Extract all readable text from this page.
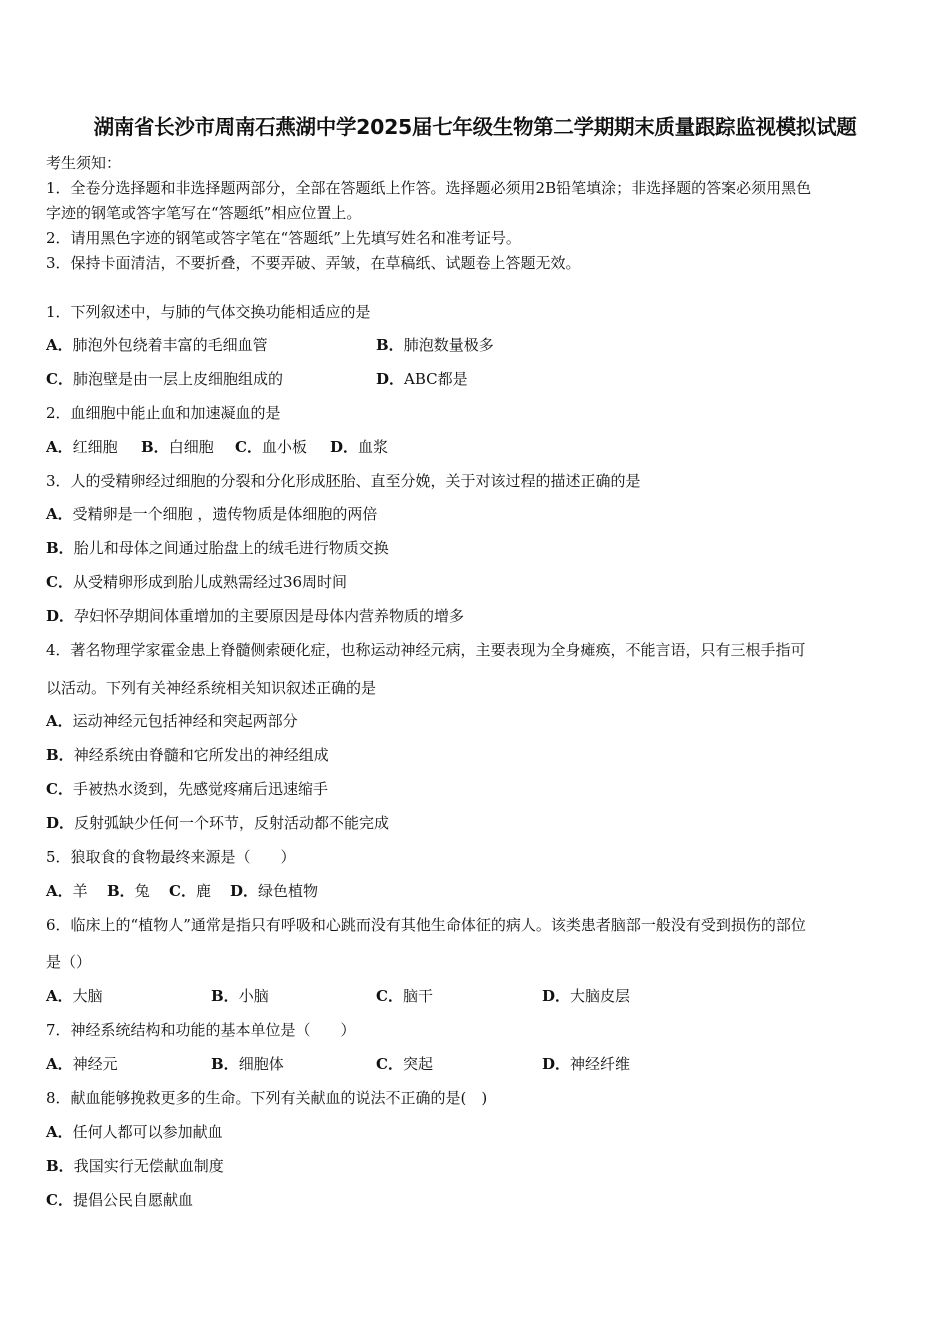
湖南省长沙市周南石燕湖中学2025届七年级生物第二学期期末质量跟踪监视模拟试题
考生须知：
1．全卷分选择题和非选择题两部分，全部在答题纸上作答。选择题必须用2B铅笔填涂；非选择题的答案必须用黑色
字迹的钢笔或答字笔写在“答题纸”相应位置上。
2．请用黑色字迹的钢笔或答字笔在“答题纸”上先填写姓名和准考证号。
3．保持卡面清洁，不要折叠，不要弄破、弄皱，在草稿纸、试题卷上答题无效。
1．下列叙述中，与肺的气体交换功能相适应的是
A．肺泡外包绕着丰富的毛细血管	B．肺泡数量极多
C．肺泡壁是由一层上皮细胞组成的	D．ABC都是
2．血细胞中能止血和加速凝血的是
A．红细胞 B．白细胞 C．血小板 D．血浆
3．人的受精卵经过细胞的分裂和分化形成胚胎、直至分娩，关于对该过程的描述正确的是
A．受精卵是一个细胞 ，遗传物质是体细胞的两倍
B．胎儿和母体之间通过胎盘上的绒毛进行物质交换
C．从受精卵形成到胎儿成熟需经过36周时间
D．孕妇怀孕期间体重增加的主要原因是母体内营养物质的增多
4．著名物理学家霍金患上脊髓侧索硬化症，也称运动神经元病，主要表现为全身瘫痪，不能言语，只有三根手指可
以活动。下列有关神经系统相关知识叙述正确的是
A．运动神经元包括神经和突起两部分
B．神经系统由脊髓和它所发出的神经组成
C．手被热水烫到，先感觉疼痛后迅速缩手
D．反射弧缺少任何一个环节，反射活动都不能完成
5．狼取食的食物最终来源是（　　）
A．羊 B．兔 C．鹿 D．绿色植物
6．临床上的“植物人”通常是指只有呼吸和心跳而没有其他生命体征的病人。该类患者脑部一般没有受到损伤的部位
是（）
A．大脑	B．小脑	C．脑干	D．大脑皮层
7．神经系统结构和功能的基本单位是（　　）
A．神经元	B．细胞体	C．突起	D．神经纤维
8．献血能够挽救更多的生命。下列有关献血的说法不正确的是(　)
A．任何人都可以参加献血
B．我国实行无偿献血制度
C．提倡公民自愿献血
